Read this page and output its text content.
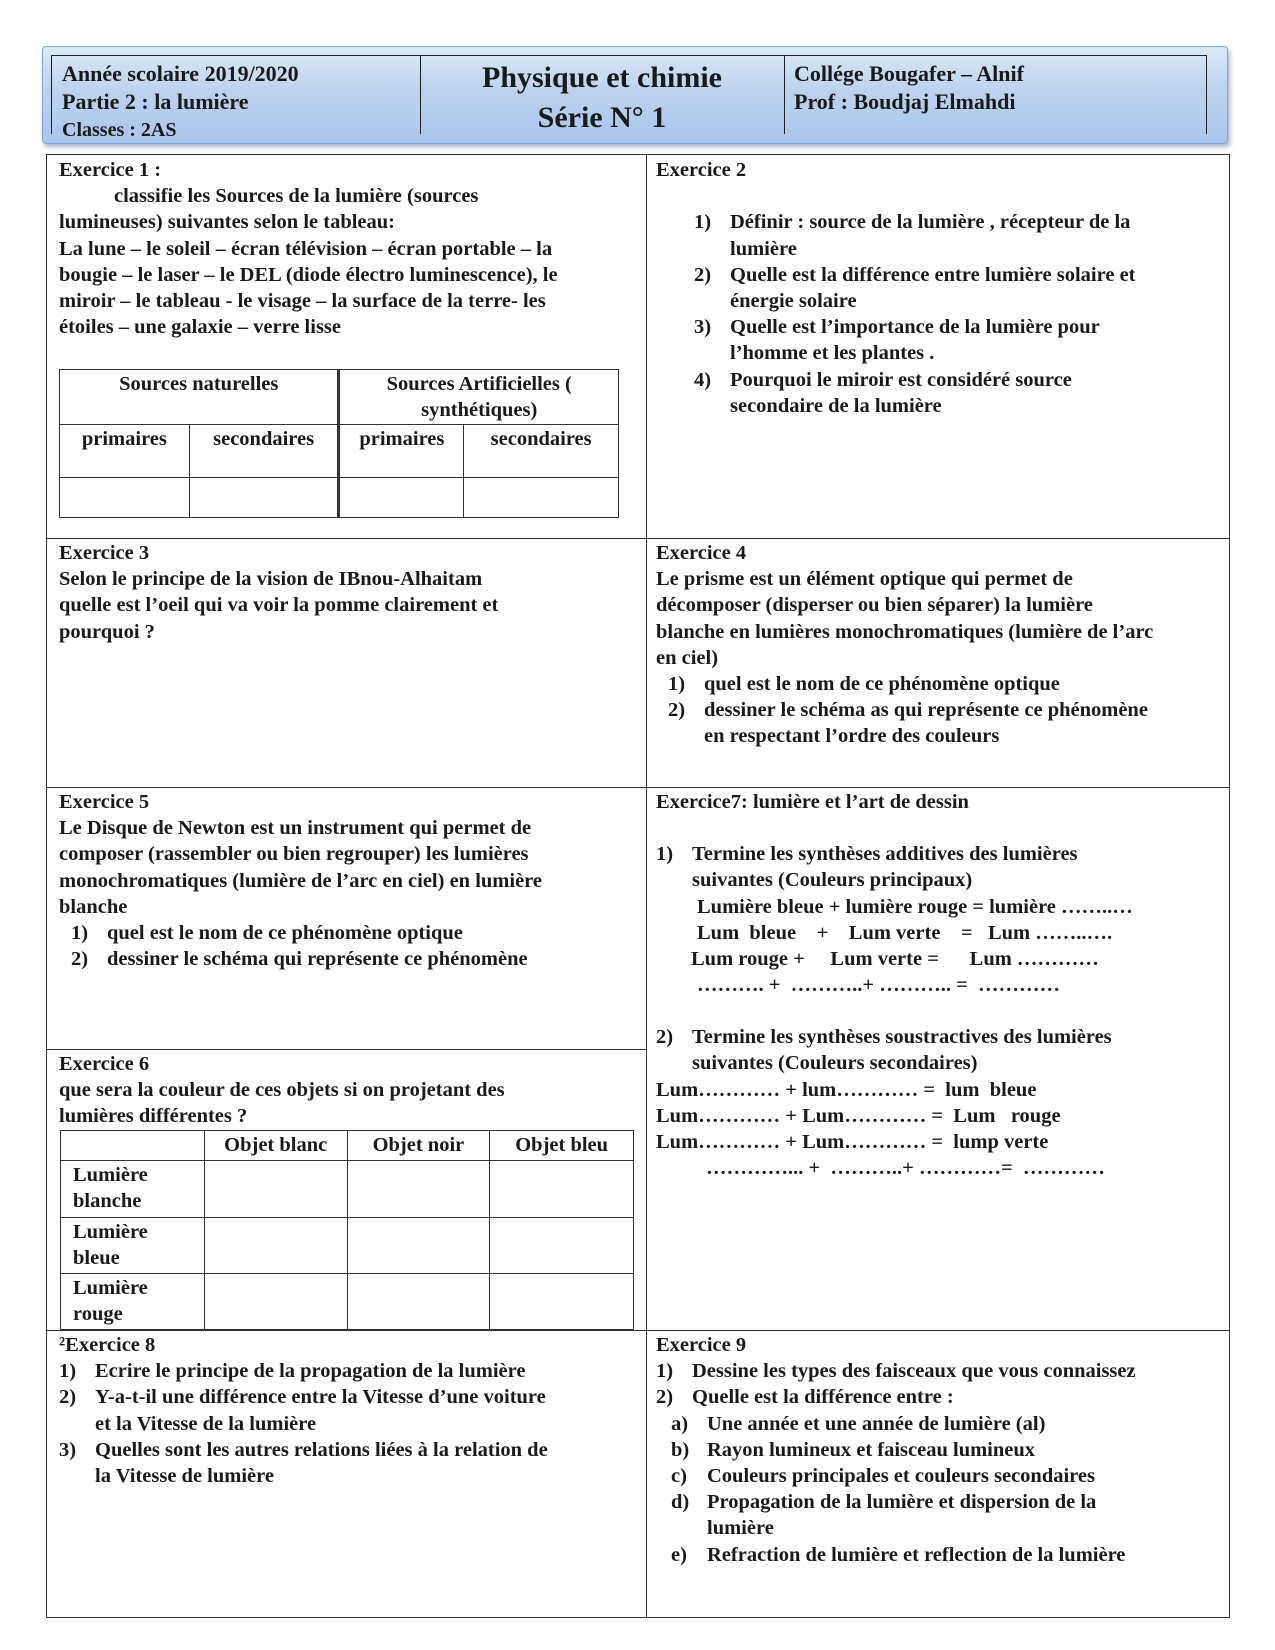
Année scolaire 2019/2020
Partie 2 : la lumière
Classes : 2AS
Physique et chimie
Série N° 1
Collége Bougafer – Alnif
Prof : Boudjaj Elmahdi
Exercice 1 :
classifie les Sources de la lumière (sources
lumineuses) suivantes selon le tableau:
La lune – le soleil – écran télévision – écran portable – la
bougie – le laser – le DEL (diode électro luminescence), le
miroir – le tableau - le visage – la surface de la terre- les
étoiles – une galaxie – verre lisse
Sources naturelles		Sources Artificielles (
synthétiques)	

primaires	secondaires	primaires	secondaires

Exercice 2

1) Définir : source de la lumière , récepteur de la
lumière
2) Quelle est la différence entre lumière solaire et
énergie solaire
3) Quelle est l’importance de la lumière pour
l’homme et les plantes .
4) Pourquoi le miroir est considéré source
secondaire de la lumière
Exercice 3
Selon le principe de la vision de IBnou-Alhaitam
quelle est l’oeil qui va voir la pomme clairement et
pourquoi ?
Exercice 4
Le prisme est un élément optique qui permet de
décomposer (disperser ou bien séparer) la lumière
blanche en lumières monochromatiques (lumière de l’arc
en ciel)
1) quel est le nom de ce phénomène optique
2) dessiner le schéma as qui représente ce phénomène
en respectant l’ordre des couleurs
Exercice 5
Le Disque de Newton est un instrument qui permet de
composer (rassembler ou bien regrouper) les lumières
monochromatiques (lumière de l’arc en ciel) en lumière
blanche
1) quel est le nom de ce phénomène optique
2) dessiner le schéma qui représente ce phénomène
Exercice 6
que sera la couleur de ces objets si on projetant des
lumières différentes ?
	Objet blanc	Objet noir	Objet bleu

Lumière
blanche			

Lumière
bleue			

Lumière
rouge			

Exercice7: lumière et l’art de dessin
1) Termine les synthèses additives des lumières
suivantes (Couleurs principaux)
Lumière bleue + lumière rouge = lumière ……..…
Lum  bleue    +    Lum verte    =   Lum ……..….
Lum rouge +     Lum verte =      Lum …………
………. +  ………..+ ……….. =  …………
2) Termine les synthèses soustractives des lumières
suivantes (Couleurs secondaires)
Lum………… + lum………… =  lum  bleue
Lum………… + Lum………… =  Lum   rouge
Lum………… + Lum………… =  lump verte
…………... +  ………..+ …………=  …………
²Exercice 8
1) Ecrire le principe de la propagation de la lumière
2) Y-a-t-il une différence entre la Vitesse d’une voiture
et la Vitesse de la lumière
3) Quelles sont les autres relations liées à la relation de
la Vitesse de lumière
Exercice 9
1) Dessine les types des faisceaux que vous connaissez
2) Quelle est la différence entre :
a) Une année et une année de lumière (al)
b) Rayon lumineux et faisceau lumineux
c) Couleurs principales et couleurs secondaires
d) Propagation de la lumière et dispersion de la
lumière
e) Refraction de lumière et reflection de la lumière
